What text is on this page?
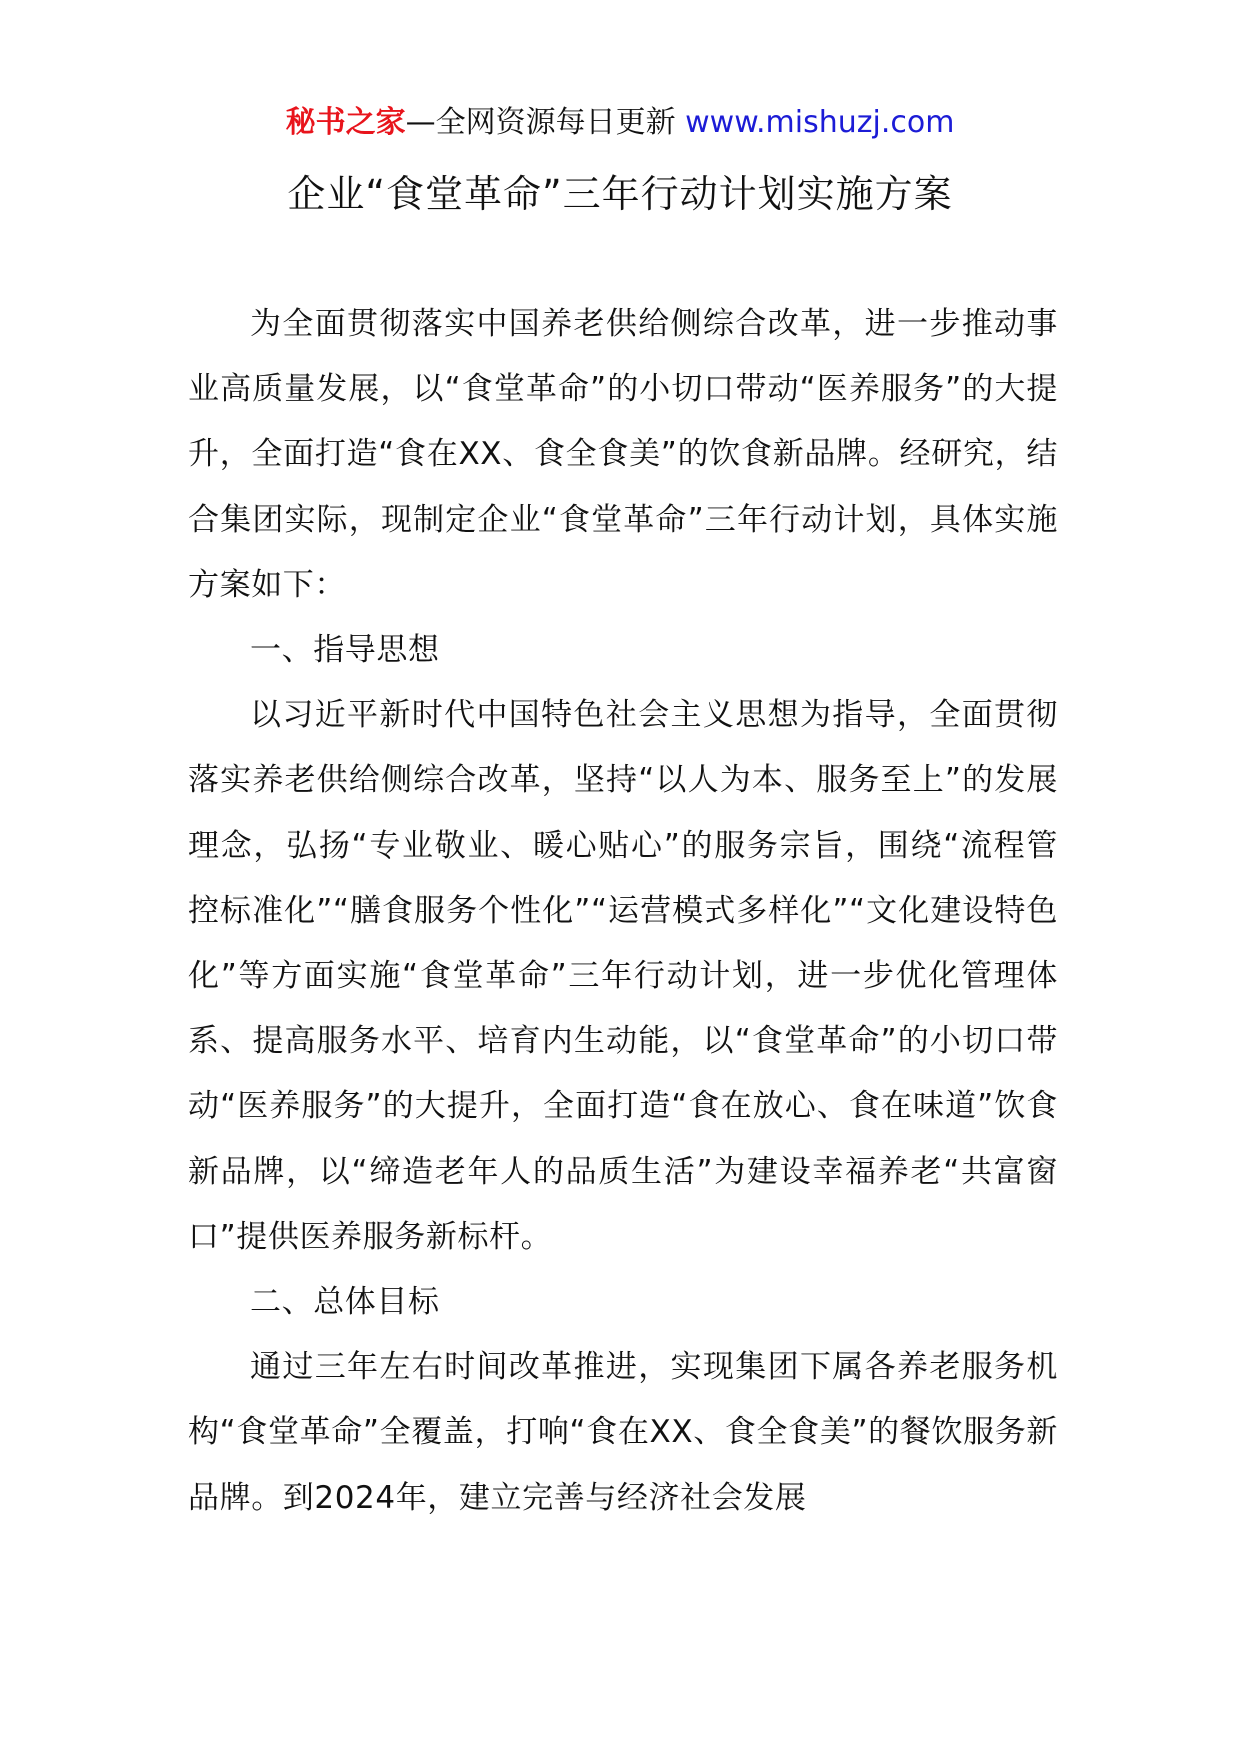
秘书之家—全网资源每日更新 www.mishuzj.com
企业“食堂革命”三年行动计划实施方案

为全面贯彻落实中国养老供给侧综合改革，进一步推动事业高质量发展，以“食堂革命”的小切口带动“医养服务”的大提升，全面打造“食在XX、食全食美”的饮食新品牌。经研究，结合集团实际，现制定企业“食堂革命”三年行动计划，具体实施方案如下：

一、指导思想

以习近平新时代中国特色社会主义思想为指导，全面贯彻落实养老供给侧综合改革，坚持“以人为本、服务至上”的发展理念，弘扬“专业敬业、暖心贴心”的服务宗旨，围绕“流程管控标准化”“膳食服务个性化”“运营模式多样化”“文化建设特色化”等方面实施“食堂革命”三年行动计划，进一步优化管理体系、提高服务水平、培育内生动能，以“食堂革命”的小切口带动“医养服务”的大提升，全面打造“食在放心、食在味道”饮食新品牌，以“缔造老年人的品质生活”为建设幸福养老“共富窗口”提供医养服务新标杆。

二、总体目标

通过三年左右时间改革推进，实现集团下属各养老服务机构“食堂革命”全覆盖，打响“食在XX、食全食美”的餐饮服务新品牌。到2024年，建立完善与经济社会发展
